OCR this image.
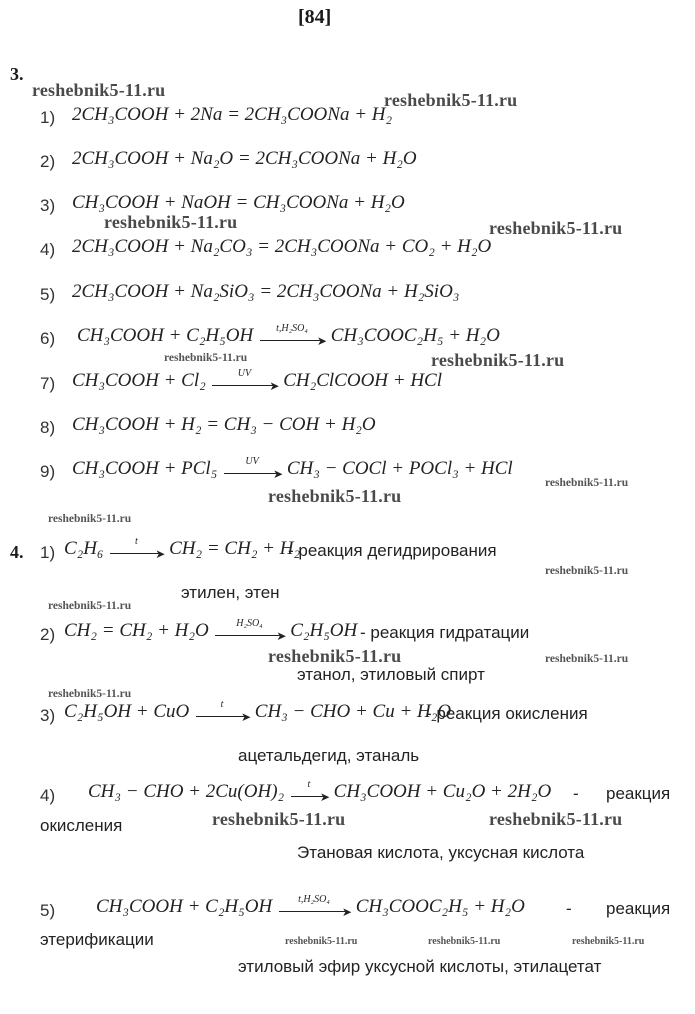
[84]
3.
1) 2CH₃COOH + 2Na = 2CH₃COONa + H₂
2) 2CH₃COOH + Na₂O = 2CH₃COONa + H₂O
3) CH₃COOH + NaOH = CH₃COONa + H₂O
4) 2CH₃COOH + Na₂CO₃ = 2CH₃COONa + CO₂ + H₂O
5) 2CH₃COOH + Na₂SiO₃ = 2CH₃COONa + H₂SiO₃
6) CH₃COOH + C₂H₅OH	t,H₂SO₄
➤ CH₃COOC₂H₅ + H₂O
7) CH₃COOH + Cl₂	UV
➤ CH₂ClCOOH + HCl
8) CH₃COOH + H₂ = CH₃ − COH + H₂O
9) CH₃COOH + PCl₅	UV
➤ CH₃ − COCl + POCl₃ + HCl
4. 1) C₂H₆	t
➤ CH₂ = CH₂ + H₂
- реакция дегидрирования
этилен, этен
2) CH₂ = CH₂ + H₂O	H₂SO₄
➤ C₂H₅OH - реакция гидратации
этанол, этиловый спирт
3) C₂H₅OH + CuO	t
➤ CH₃ − CHO + Cu + H₂O
- реакция окисления
ацетальдегид, этаналь
4) CH₃ − CHO + 2Cu(OH)₂	t
➤ CH₃COOH + Cu₂O + 2H₂O - реакция
окисления
Этановая кислота, уксусная кислота
5) CH₃COOH + C₂H₅OH	t,H₂SO₄
➤ CH₃COOC₂H₅ + H₂O - реакция
этерификации
этиловый эфир уксусной кислоты, этилацетат
reshebnik5-11.ru	reshebnik5-11.ru
reshebnik5-11.ru	reshebnik5-11.ru
reshebnik5-11.ru	reshebnik5-11.ru
reshebnik5-11.ru
reshebnik5-11.ru
reshebnik5-11.ru
reshebnik5-11.ru
reshebnik5-11.ru
reshebnik5-11.ru	reshebnik5-11.ru
reshebnik5-11.ru
reshebnik5-11.ru	reshebnik5-11.ru
reshebnik5-11.ru	reshebnik5-11.ru	reshebnik5-11.ru
